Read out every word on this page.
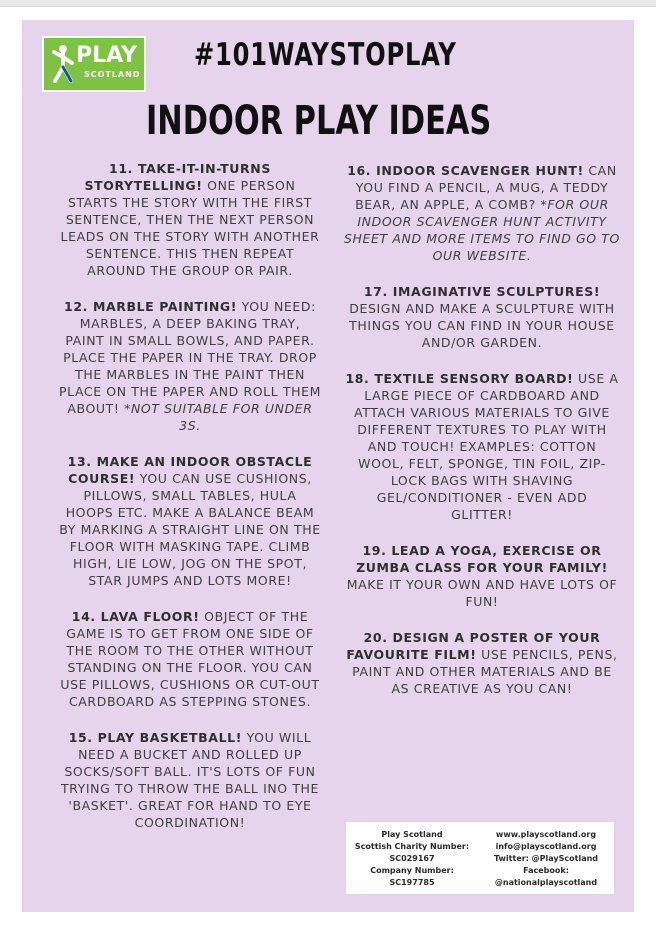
PLAY
SCOTLAND
#101WAYSTOPLAY
INDOOR PLAY IDEAS

11. TAKE-IT-IN-TURNS STORYTELLING! ONE PERSON STARTS THE STORY WITH THE FIRST SENTENCE, THEN THE NEXT PERSON LEADS ON THE STORY WITH ANOTHER SENTENCE. THIS THEN REPEAT AROUND THE GROUP OR PAIR.

12. MARBLE PAINTING! YOU NEED: MARBLES, A DEEP BAKING TRAY, PAINT IN SMALL BOWLS, AND PAPER. PLACE THE PAPER IN THE TRAY. DROP THE MARBLES IN THE PAINT THEN PLACE ON THE PAPER AND ROLL THEM ABOUT! *NOT SUITABLE FOR UNDER 3S.

13. MAKE AN INDOOR OBSTACLE COURSE! YOU CAN USE CUSHIONS, PILLOWS, SMALL TABLES, HULA HOOPS ETC. MAKE A BALANCE BEAM BY MARKING A STRAIGHT LINE ON THE FLOOR WITH MASKING TAPE. CLIMB HIGH, LIE LOW, JOG ON THE SPOT, STAR JUMPS AND LOTS MORE!

14. LAVA FLOOR! OBJECT OF THE GAME IS TO GET FROM ONE SIDE OF THE ROOM TO THE OTHER WITHOUT STANDING ON THE FLOOR. YOU CAN USE PILLOWS, CUSHIONS OR CUT-OUT CARDBOARD AS STEPPING STONES.

15. PLAY BASKETBALL! YOU WILL NEED A BUCKET AND ROLLED UP SOCKS/SOFT BALL. IT'S LOTS OF FUN TRYING TO THROW THE BALL INO THE 'BASKET'. GREAT FOR HAND TO EYE COORDINATION!

16. INDOOR SCAVENGER HUNT! CAN YOU FIND A PENCIL, A MUG, A TEDDY BEAR, AN APPLE, A COMB? *FOR OUR INDOOR SCAVENGER HUNT ACTIVITY SHEET AND MORE ITEMS TO FIND GO TO OUR WEBSITE.

17. IMAGINATIVE SCULPTURES! DESIGN AND MAKE A SCULPTURE WITH THINGS YOU CAN FIND IN YOUR HOUSE AND/OR GARDEN.

18. TEXTILE SENSORY BOARD! USE A LARGE PIECE OF CARDBOARD AND ATTACH VARIOUS MATERIALS TO GIVE DIFFERENT TEXTURES TO PLAY WITH AND TOUCH! EXAMPLES: COTTON WOOL, FELT, SPONGE, TIN FOIL, ZIP-LOCK BAGS WITH SHAVING GEL/CONDITIONER - EVEN ADD GLITTER!

19. LEAD A YOGA, EXERCISE OR ZUMBA CLASS FOR YOUR FAMILY! MAKE IT YOUR OWN AND HAVE LOTS OF FUN!

20. DESIGN A POSTER OF YOUR FAVOURITE FILM! USE PENCILS, PENS, PAINT AND OTHER MATERIALS AND BE AS CREATIVE AS YOU CAN!

Play Scotland
Scottish Charity Number:
SC029167
Company Number:
SC197785
www.playscotland.org
info@playscotland.org
Twitter: @PlayScotland
Facebook:
@nationalplayscotland
